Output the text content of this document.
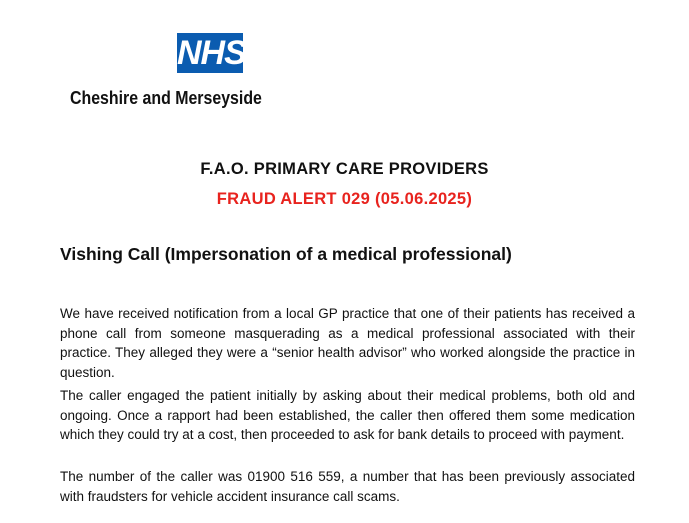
NHS
Cheshire and Merseyside
F.A.O. PRIMARY CARE PROVIDERS
FRAUD ALERT 029 (05.06.2025)
Vishing Call (Impersonation of a medical professional)

We have received notification from a local GP practice that one of their patients has received a phone call from someone masquerading as a medical professional associated with their practice. They alleged they were a “senior health advisor” who worked alongside the practice in question.

The caller engaged the patient initially by asking about their medical problems, both old and ongoing. Once a rapport had been established, the caller then offered them some medication which they could try at a cost, then proceeded to ask for bank details to proceed with payment.

The number of the caller was 01900 516 559, a number that has been previously associated with fraudsters for vehicle accident insurance call scams.
